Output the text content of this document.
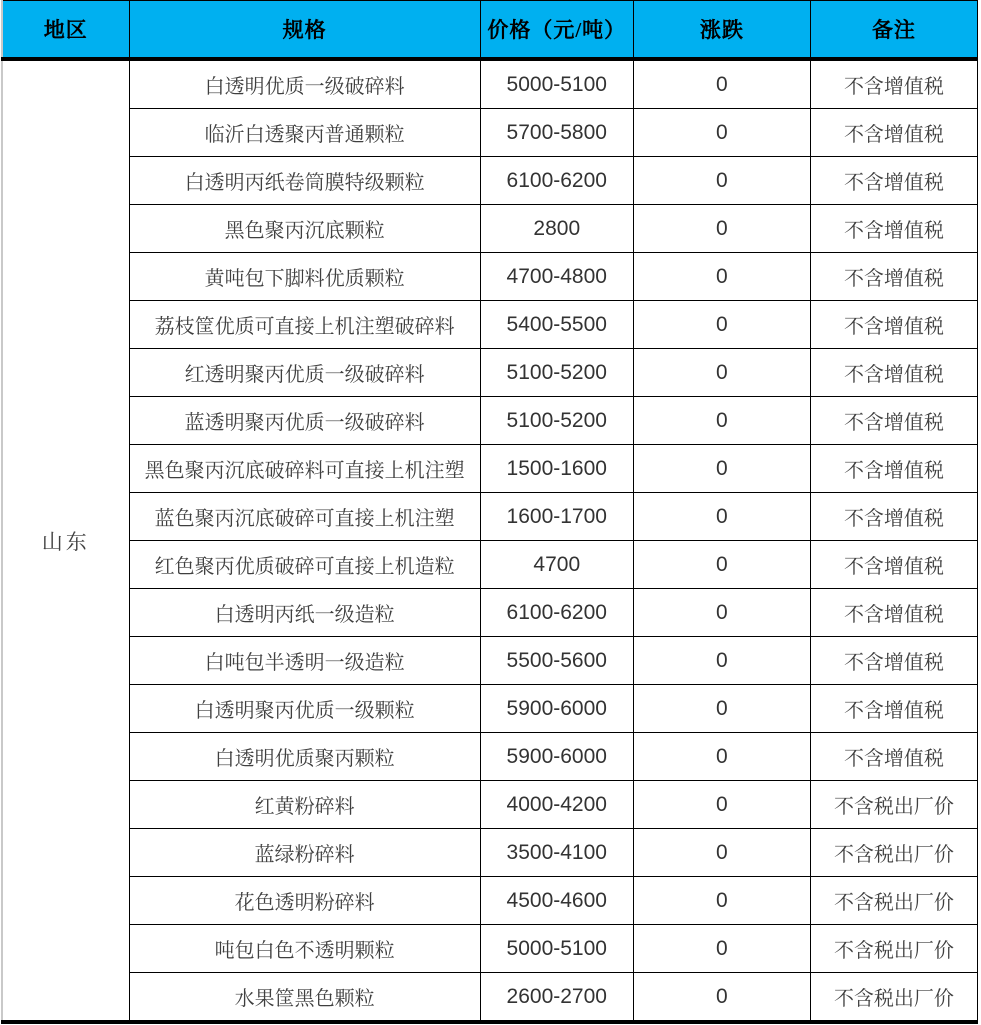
地区	规格	价格（元/吨）	涨跌	备注
山东	白透明优质一级破碎料	5000-5100	0	不含增值税
	临沂白透聚丙普通颗粒	5700-5800	0	不含增值税
	白透明丙纸卷筒膜特级颗粒	6100-6200	0	不含增值税
	黑色聚丙沉底颗粒	2800	0	不含增值税
	黄吨包下脚料优质颗粒	4700-4800	0	不含增值税
	荔枝筐优质可直接上机注塑破碎料	5400-5500	0	不含增值税
	红透明聚丙优质一级破碎料	5100-5200	0	不含增值税
	蓝透明聚丙优质一级破碎料	5100-5200	0	不含增值税
	黑色聚丙沉底破碎料可直接上机注塑	1500-1600	0	不含增值税
	蓝色聚丙沉底破碎可直接上机注塑	1600-1700	0	不含增值税
	红色聚丙优质破碎可直接上机造粒	4700	0	不含增值税
	白透明丙纸一级造粒	6100-6200	0	不含增值税
	白吨包半透明一级造粒	5500-5600	0	不含增值税
	白透明聚丙优质一级颗粒	5900-6000	0	不含增值税
	白透明优质聚丙颗粒	5900-6000	0	不含增值税
	红黄粉碎料	4000-4200	0	不含税出厂价
	蓝绿粉碎料	3500-4100	0	不含税出厂价
	花色透明粉碎料	4500-4600	0	不含税出厂价
	吨包白色不透明颗粒	5000-5100	0	不含税出厂价
	水果筐黑色颗粒	2600-2700	0	不含税出厂价
